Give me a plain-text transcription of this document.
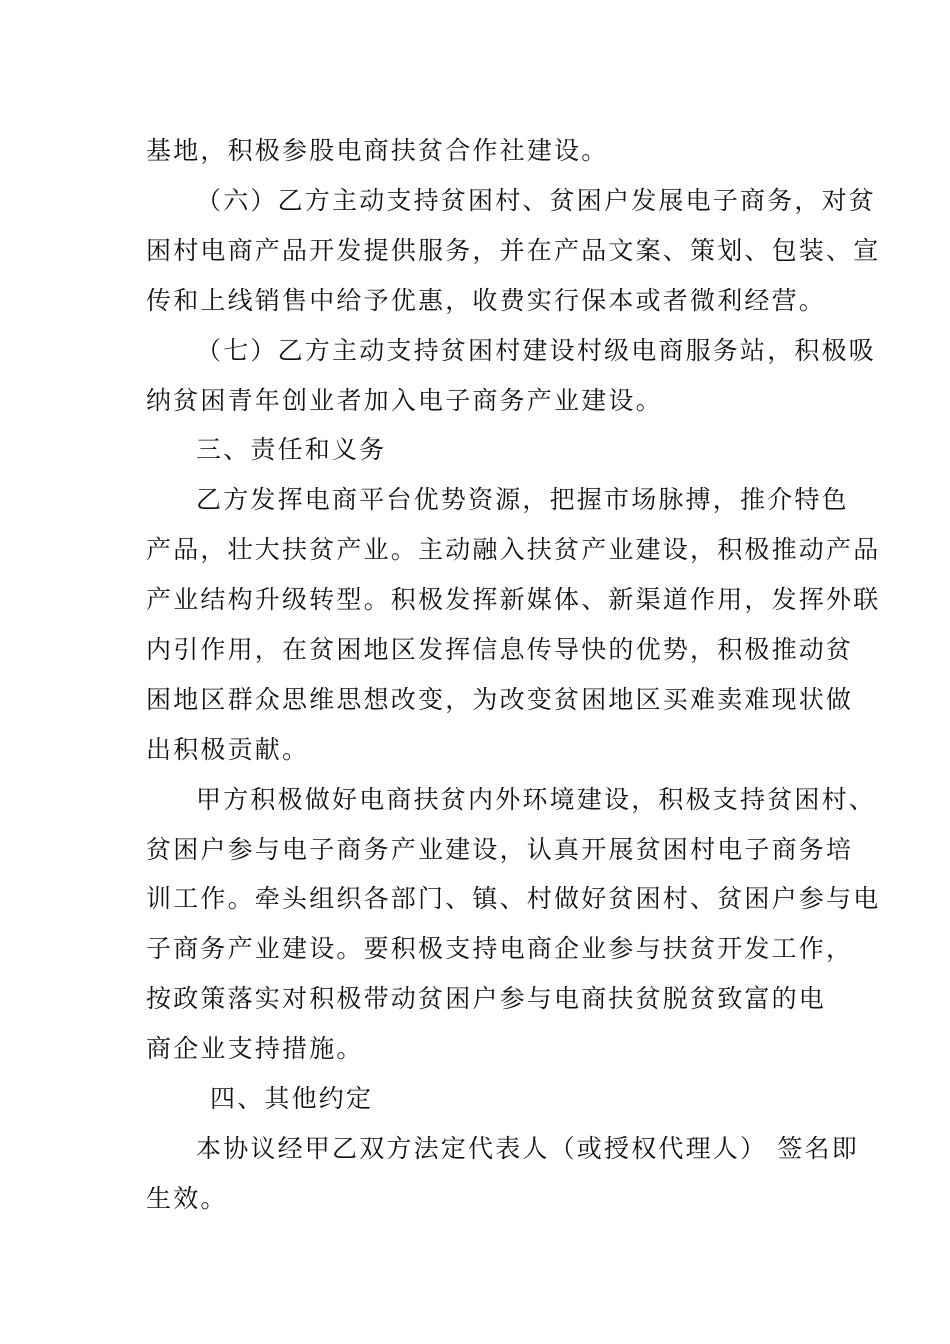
基地，积极参股电商扶贫合作社建设。
（六）乙方主动支持贫困村、贫困户发展电子商务，对贫
困村电商产品开发提供服务，并在产品文案、策划、包装、宣
传和上线销售中给予优惠，收费实行保本或者微利经营。
（七）乙方主动支持贫困村建设村级电商服务站，积极吸
纳贫困青年创业者加入电子商务产业建设。
三、责任和义务
乙方发挥电商平台优势资源，把握市场脉搏，推介特色
产品，壮大扶贫产业。主动融入扶贫产业建设，积极推动产品
产业结构升级转型。积极发挥新媒体、新渠道作用，发挥外联
内引作用，在贫困地区发挥信息传导快的优势，积极推动贫
困地区群众思维思想改变，为改变贫困地区买难卖难现状做
出积极贡献。
甲方积极做好电商扶贫内外环境建设，积极支持贫困村、
贫困户参与电子商务产业建设，认真开展贫困村电子商务培
训工作。牵头组织各部门、镇、村做好贫困村、贫困户参与电
子商务产业建设。要积极支持电商企业参与扶贫开发工作，
按政策落实对积极带动贫困户参与电商扶贫脱贫致富的电
商企业支持措施。
四、其他约定
本协议经甲乙双方法定代表人（或授权代理人） 签名即
生效。
